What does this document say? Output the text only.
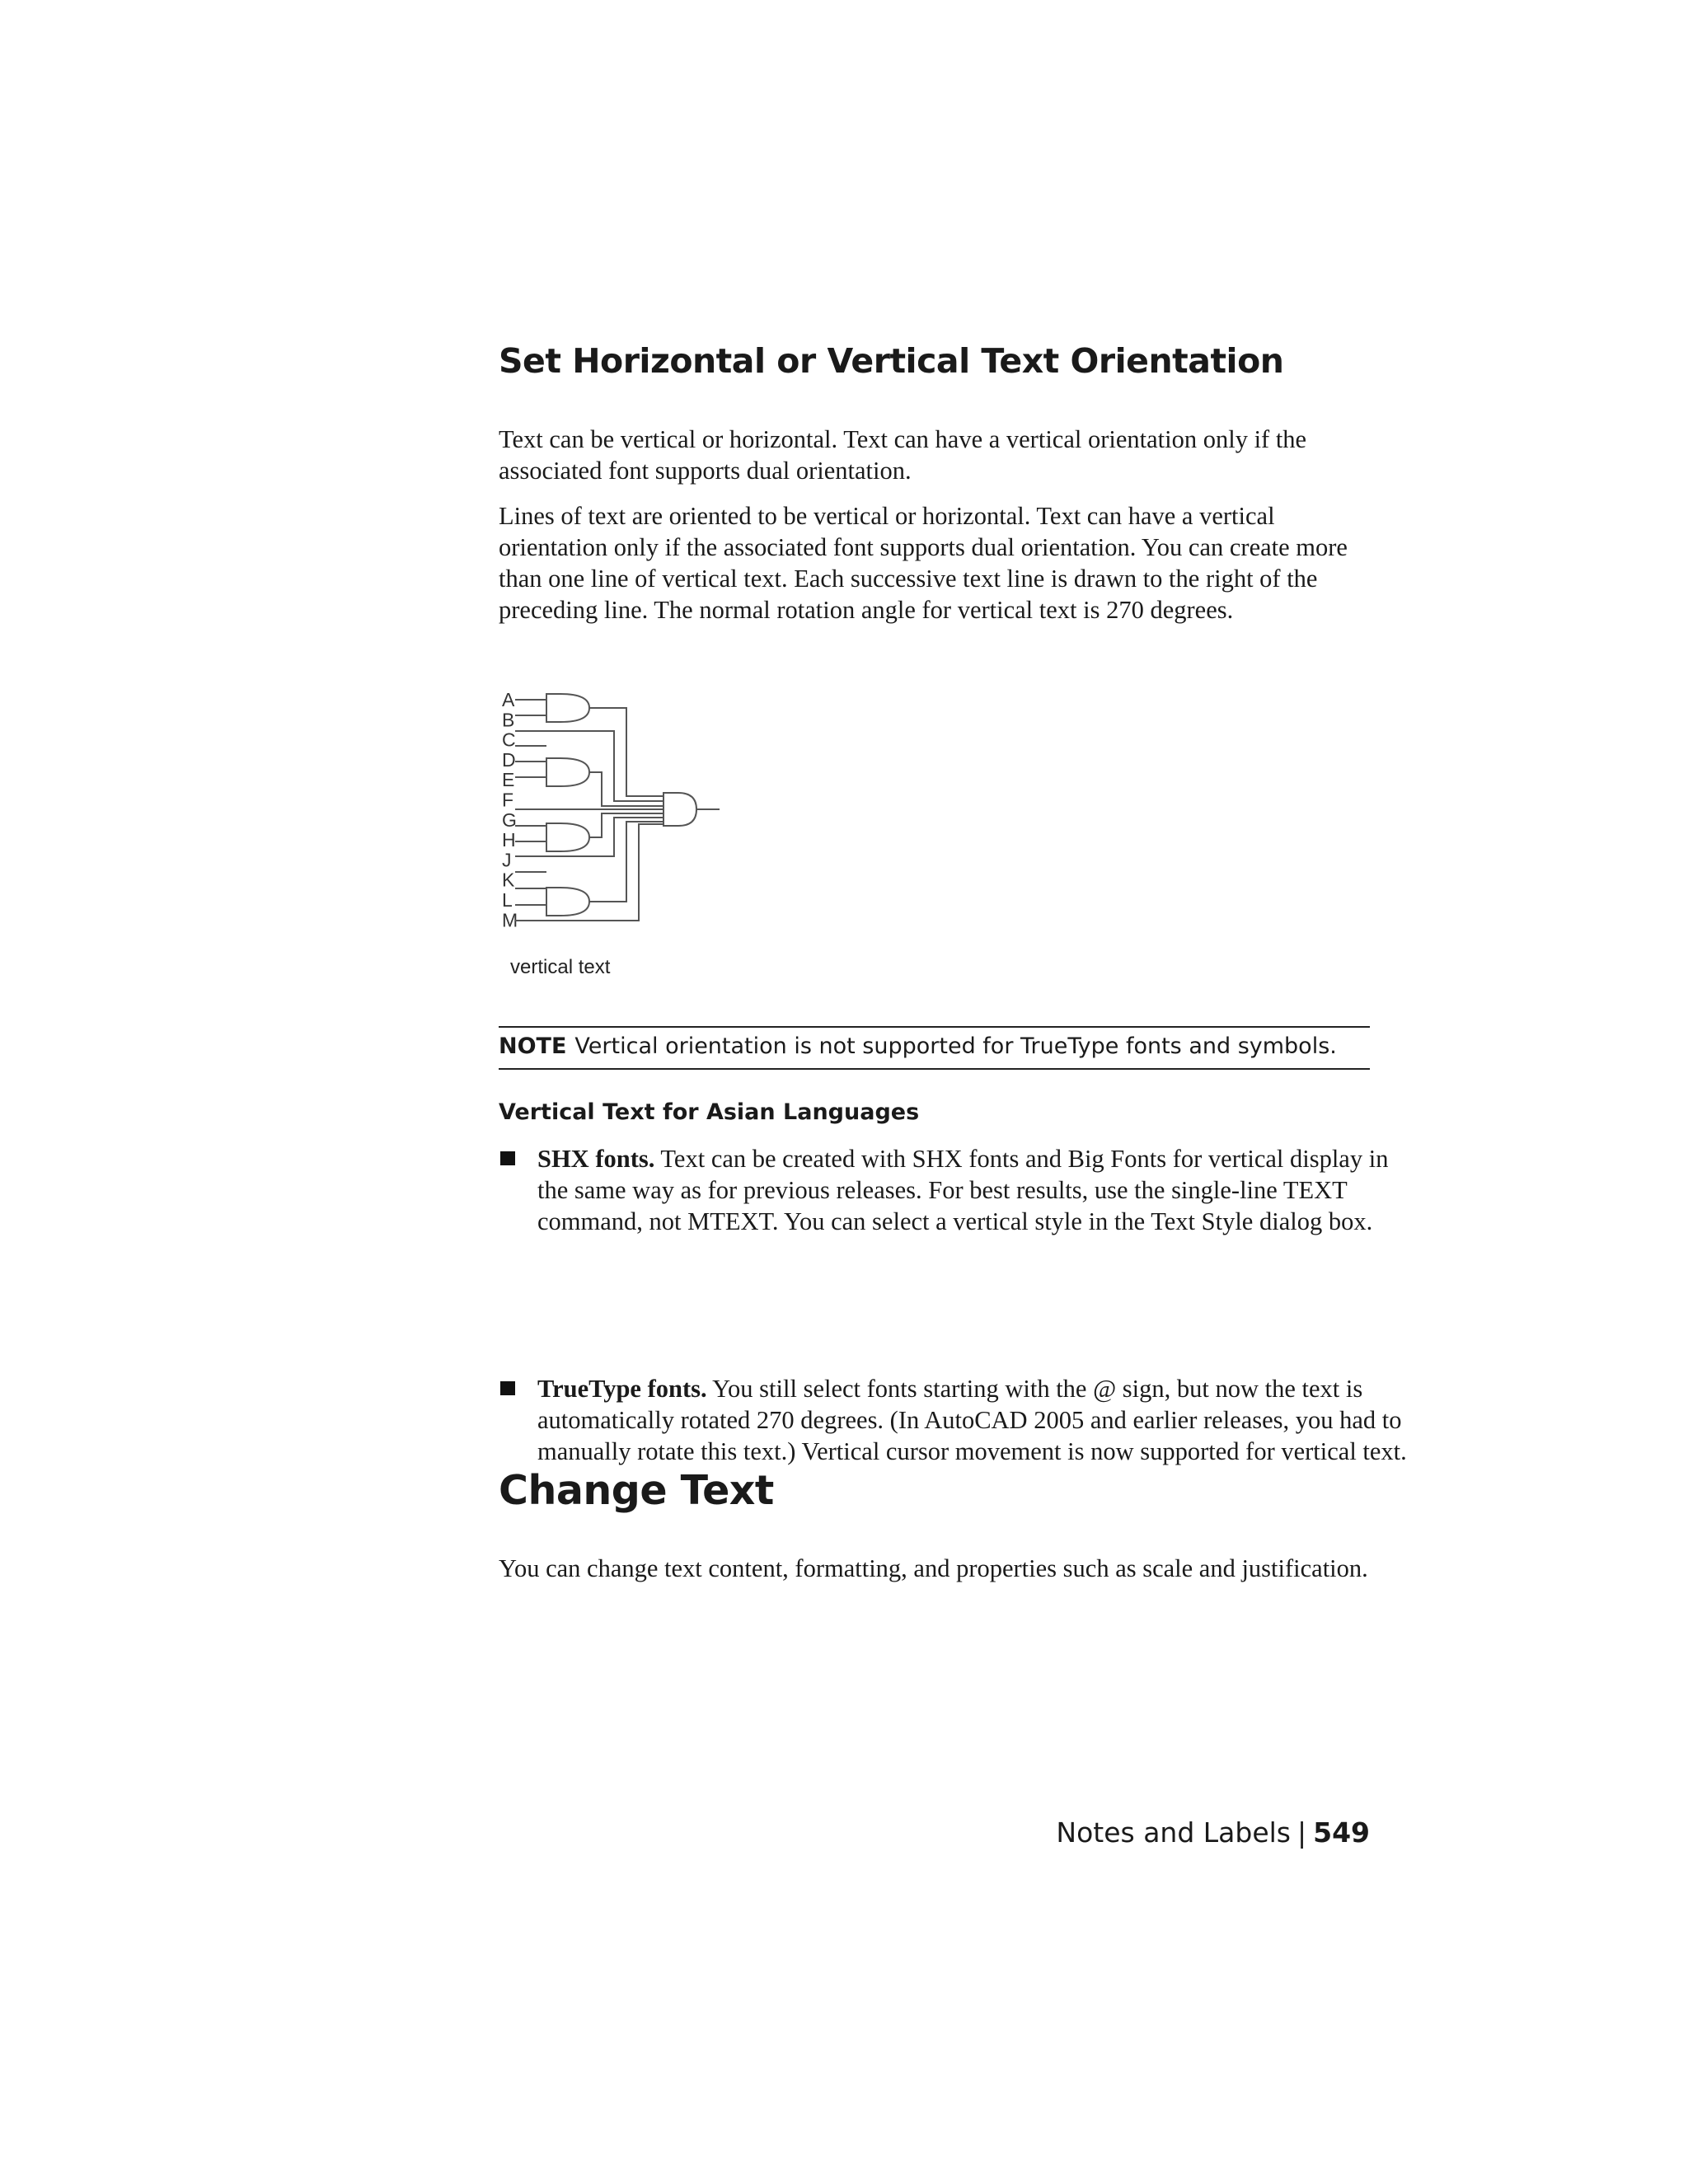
Set Horizontal or Vertical Text Orientation

Text can be vertical or horizontal. Text can have a vertical orientation only if the associated font supports dual orientation.

Lines of text are oriented to be vertical or horizontal. Text can have a vertical orientation only if the associated font supports dual orientation. You can create more than one line of vertical text. Each successive text line is drawn to the right of the preceding line. The normal rotation angle for vertical text is 270 degrees.

A
B
C
D
E
F
G
H
J
K
L
M
vertical text
NOTE Vertical orientation is not supported for TrueType fonts and symbols.
Vertical Text for Asian Languages
SHX fonts. Text can be created with SHX fonts and Big Fonts for vertical display in the same way as for previous releases. For best results, use the single-line TEXT command, not MTEXT. You can select a vertical style in the Text Style dialog box.
TrueType fonts. You still select fonts starting with the @ sign, but now the text is automatically rotated 270 degrees. (In AutoCAD 2005 and earlier releases, you had to manually rotate this text.) Vertical cursor movement is now supported for vertical text.
Change Text

You can change text content, formatting, and properties such as scale and justification.

Notes and Labels | 549
